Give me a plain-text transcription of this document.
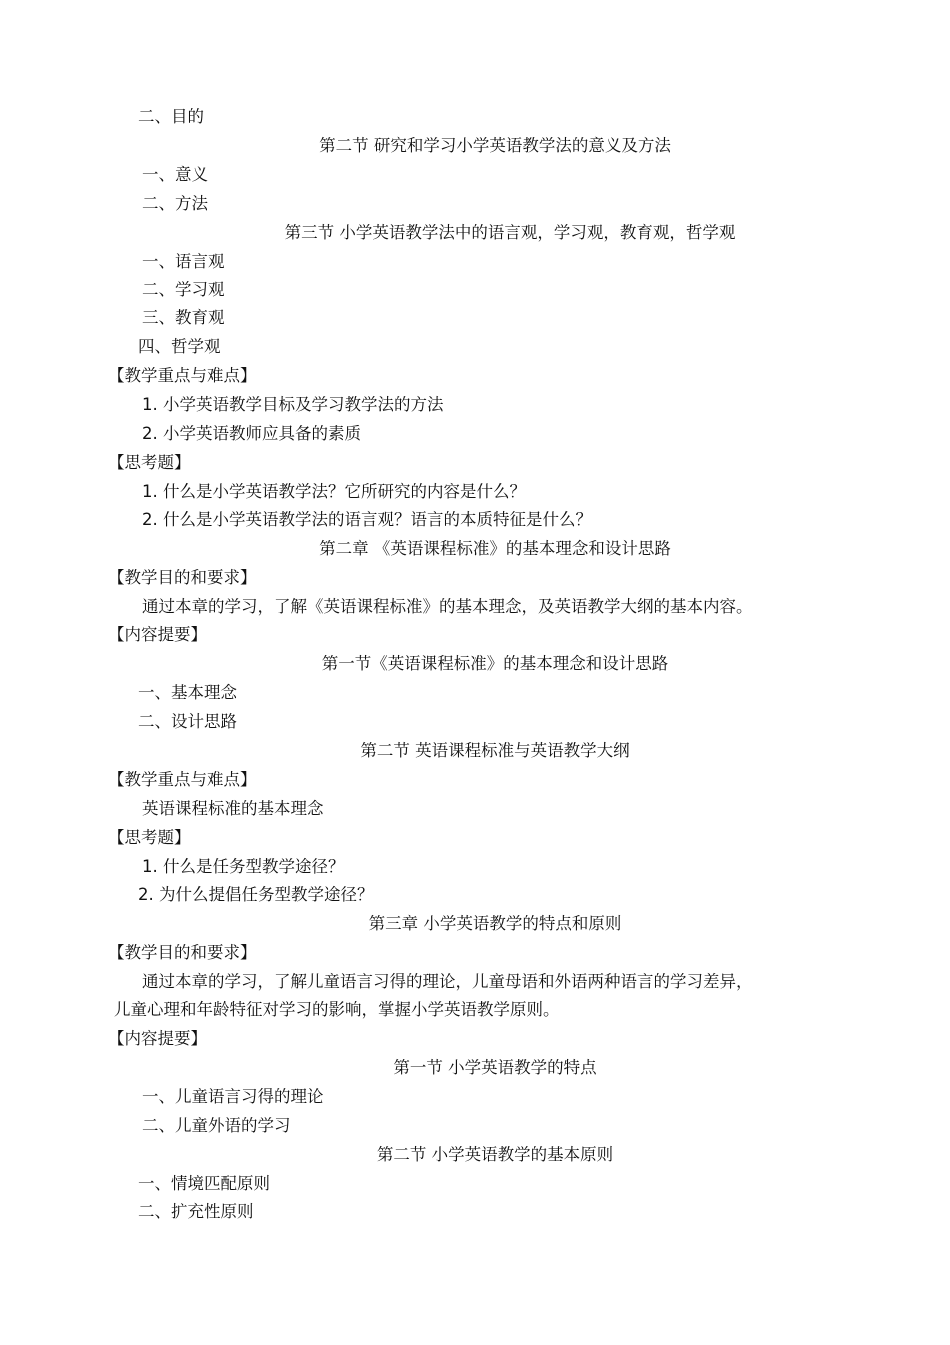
二、目的
第二节 研究和学习小学英语教学法的意义及方法
一、意义
二、方法
第三节 小学英语教学法中的语言观，学习观，教育观，哲学观
一、语言观
二、学习观
三、教育观
四、哲学观
【教学重点与难点】
1. 小学英语教学目标及学习教学法的方法
2. 小学英语教师应具备的素质
【思考题】
1. 什么是小学英语教学法？它所研究的内容是什么？
2. 什么是小学英语教学法的语言观？语言的本质特征是什么？
第二章 《英语课程标准》的基本理念和设计思路
【教学目的和要求】
通过本章的学习，了解《英语课程标准》的基本理念，及英语教学大纲的基本内容。
【内容提要】
第一节《英语课程标准》的基本理念和设计思路
一、基本理念
二、设计思路
第二节 英语课程标准与英语教学大纲
【教学重点与难点】
英语课程标准的基本理念
【思考题】
1. 什么是任务型教学途径？
2. 为什么提倡任务型教学途径？
第三章 小学英语教学的特点和原则
【教学目的和要求】
通过本章的学习，了解儿童语言习得的理论，儿童母语和外语两种语言的学习差异，
儿童心理和年龄特征对学习的影响，掌握小学英语教学原则。
【内容提要】
第一节 小学英语教学的特点
一、儿童语言习得的理论
二、儿童外语的学习
第二节 小学英语教学的基本原则
一、情境匹配原则
二、扩充性原则
